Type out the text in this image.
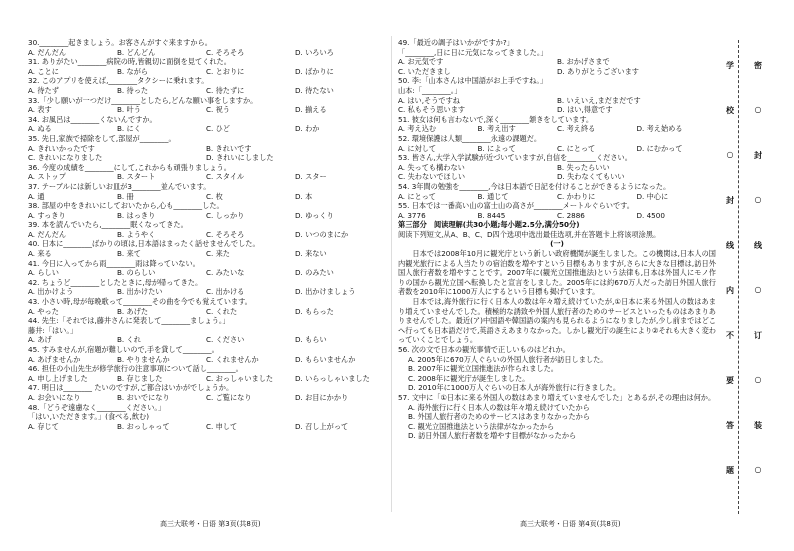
30.________起きましょう。お客さんがすぐ来ますから。
A. だんだん	B. どんどん	C. そろそろ	D. いろいろ
31. ありがたい________病院の時,皆親切に面倒を見てくれた。
A. ことに	B. ながら	C. とおりに	D. ばかりに
32. このアプリを使えば,________タクシーに乗れます。
A. 待たず	B. 待った	C. 待たずに	D. 待たない
33.「少し願いが一つだけ________としたら,どんな願い事をしますか。
A. 表す	B. 叶う	C. 祝う	D. 揃える
34. お風呂は________くないんですか。
A. ぬる	B. にく	C. ひど	D. わか
35. 先日,家族で掃除をして,部屋が________。
A. きれいかったです	B. きれいです
C. きれいになりました	D. きれいにしました
36. 今度の成績を________にして,これからも頑張りましょう。
A. ストップ	B. スタート	C. スタイル	D. スター
37. テーブルには新しいお皿が3________並んでいます。
A. 通	B. 冊	C. 枚	D. 本
38. 部屋の中をきれいにしておいたから,心も________した。
A. すっきり	B. はっきり	C. しっかり	D. ゆっくり
39. 本を読んでいたら,________眠くなってきた。
A. だんだん	B. ようやく	C. そろそろ	D. いつのまにか
40. 日本に________ばかりの頃は,日本語はまったく話せませんでした。
A. 来る	B. 来て	C. 来た	D. 来ない
41. 今日に入ってから雨________雨は降っていない。
A. らしい	B. のらしい	C. みたいな	D. のみたい
42. ちょうど________としたときに,母が帰ってきた。
A. 出かけよう	B. 出かけたい	C. 出かける	D. 出かけましょう
43. 小さい時,母が毎晩歌って________その曲を今でも覚えています。
A. やった	B. あげた	C. くれた	D. もらった
44. 先生:「それでは,藤井さんに発表して________ましょう。」
藤井:「はい。」
A. あげ	B. くれ	C. ください	D. もらい
45. すみませんが,宿題が難しいので,手を貸して________。
A. あげませんか	B. やりませんか	C. くれませんか	D. もらいませんか
46. 担任の小山先生が修学旅行の注意事項について話し________。
A. 申し上げました	B. 存じました	C. おっしゃいました	D. いらっしゃいました
47. 明日は________ たいのですが,ご都合はいかがでしょうか。
A. お会いになり	B. おいでになり	C. ご覧になり	D. お目にかかり
48.「どうぞ遠慮なく________ください。」
「はい,いただきます。」(食べる,飲む)
A. 存じて	B. おっしゃって	C. 申して	D. 召し上がって
49.「最近の調子はいかがですか?」
「________,日に日に元気になってきました。」
A. お元気です	B. おかげさまで
C. いただきまし	D. ありがとうございます
50. 李:「山本さんは中国語がお上手ですね。」
山本:「________。」
A. はい,そうですね	B. いえいえ,まだまだです
C. 私もそう思います	D. はい,得意です
51. 彼女は何も言わないで,深く________頷きをしています。
A. 考え込む	B. 考え出す	C. 考え終る	D. 考え始める
52. 環境保護は人類________永遠の課題だ。
A. に対して	B. によって	C. にとって	D. にむかって
53. 皆さん,大学入学試験が近づいていますが,自信を________ください。
A. 失っても構わない	B. 失ったらいい
C. 失わないでほしい	D. 失わなくてもいい
54. 3年間の勉強を________,今は日本語で日記を付けることができるようになった。
A. にとって	B. 通じて	C. かわりに	D. 中心に
55. 日本では一番高い山の富士山の高さが________メートルぐらいです。
A. 3776	B. 8445	C. 2886	D. 4500
第三部分　阅读理解(共30小题;每小题2.5分,满分50分)
阅读下列短文,从A、B、C、D四个选项中选出最佳选项,并在答题卡上将该项涂黑。
(一)
日本では2008年10月に観光庁という新しい政府機関が誕生しました。この機関は,日本人の国内観光旅行による人当たりの宿泊数を増やすという目標もありますが,さらに大きな目標は,訪日外国人旅行者数を増やすことです。2007年に(観光立国推進法)という法律も,日本は外国人にモノ作りの国から観光立国へ転換したと宣言をしました。2005年には約670万人だった訪日外国人旅行者数を2010年に1000万人にするという目標も掲げています。
日本では,海外旅行に行く日本人の数は年々増え続けていたが,①日本に来る外国人の数はあまり増えていませんでした。積極的な誘致や外国人旅行者のためのサービスといったものはあまりありませんでした。最近(ア)中国語や韓国語の案内も見られるようになりましたが,少し前まではどこへ行っても日本語だけで,英語さえあまりなかった。しかし観光庁の誕生により②それも大きく変わっていくことでしょう。
56. 次の文で日本の観光事情で正しいものはどれか。
A. 2005年に670万人ぐらいの外国人旅行者が訪日しました。
B. 2007年に観光立国推進法が作られました。
C. 2008年に観光庁が誕生しました。
D. 2010年に1000万人ぐらいの日本人が海外旅行に行きました。
57. 文中に「①日本に来る外国人の数はあまり増えていませんでした」とあるが,その理由は何か。
A. 海外旅行に行く日本人の数は年々増え続けていたから
B. 外国人旅行者のためのサービスはあまりなかったから
C. 観光立国推進法という法律がなかったから
D. 訪日外国人旅行者数を増やす目標がなかったから
高三大联考・日语 第3页(共8页)	高三大联考・日语 第4页(共8页)
学
校
○
封
线
内
不
要
答
题
密
○
封
○
线
○
订
○
装
○
